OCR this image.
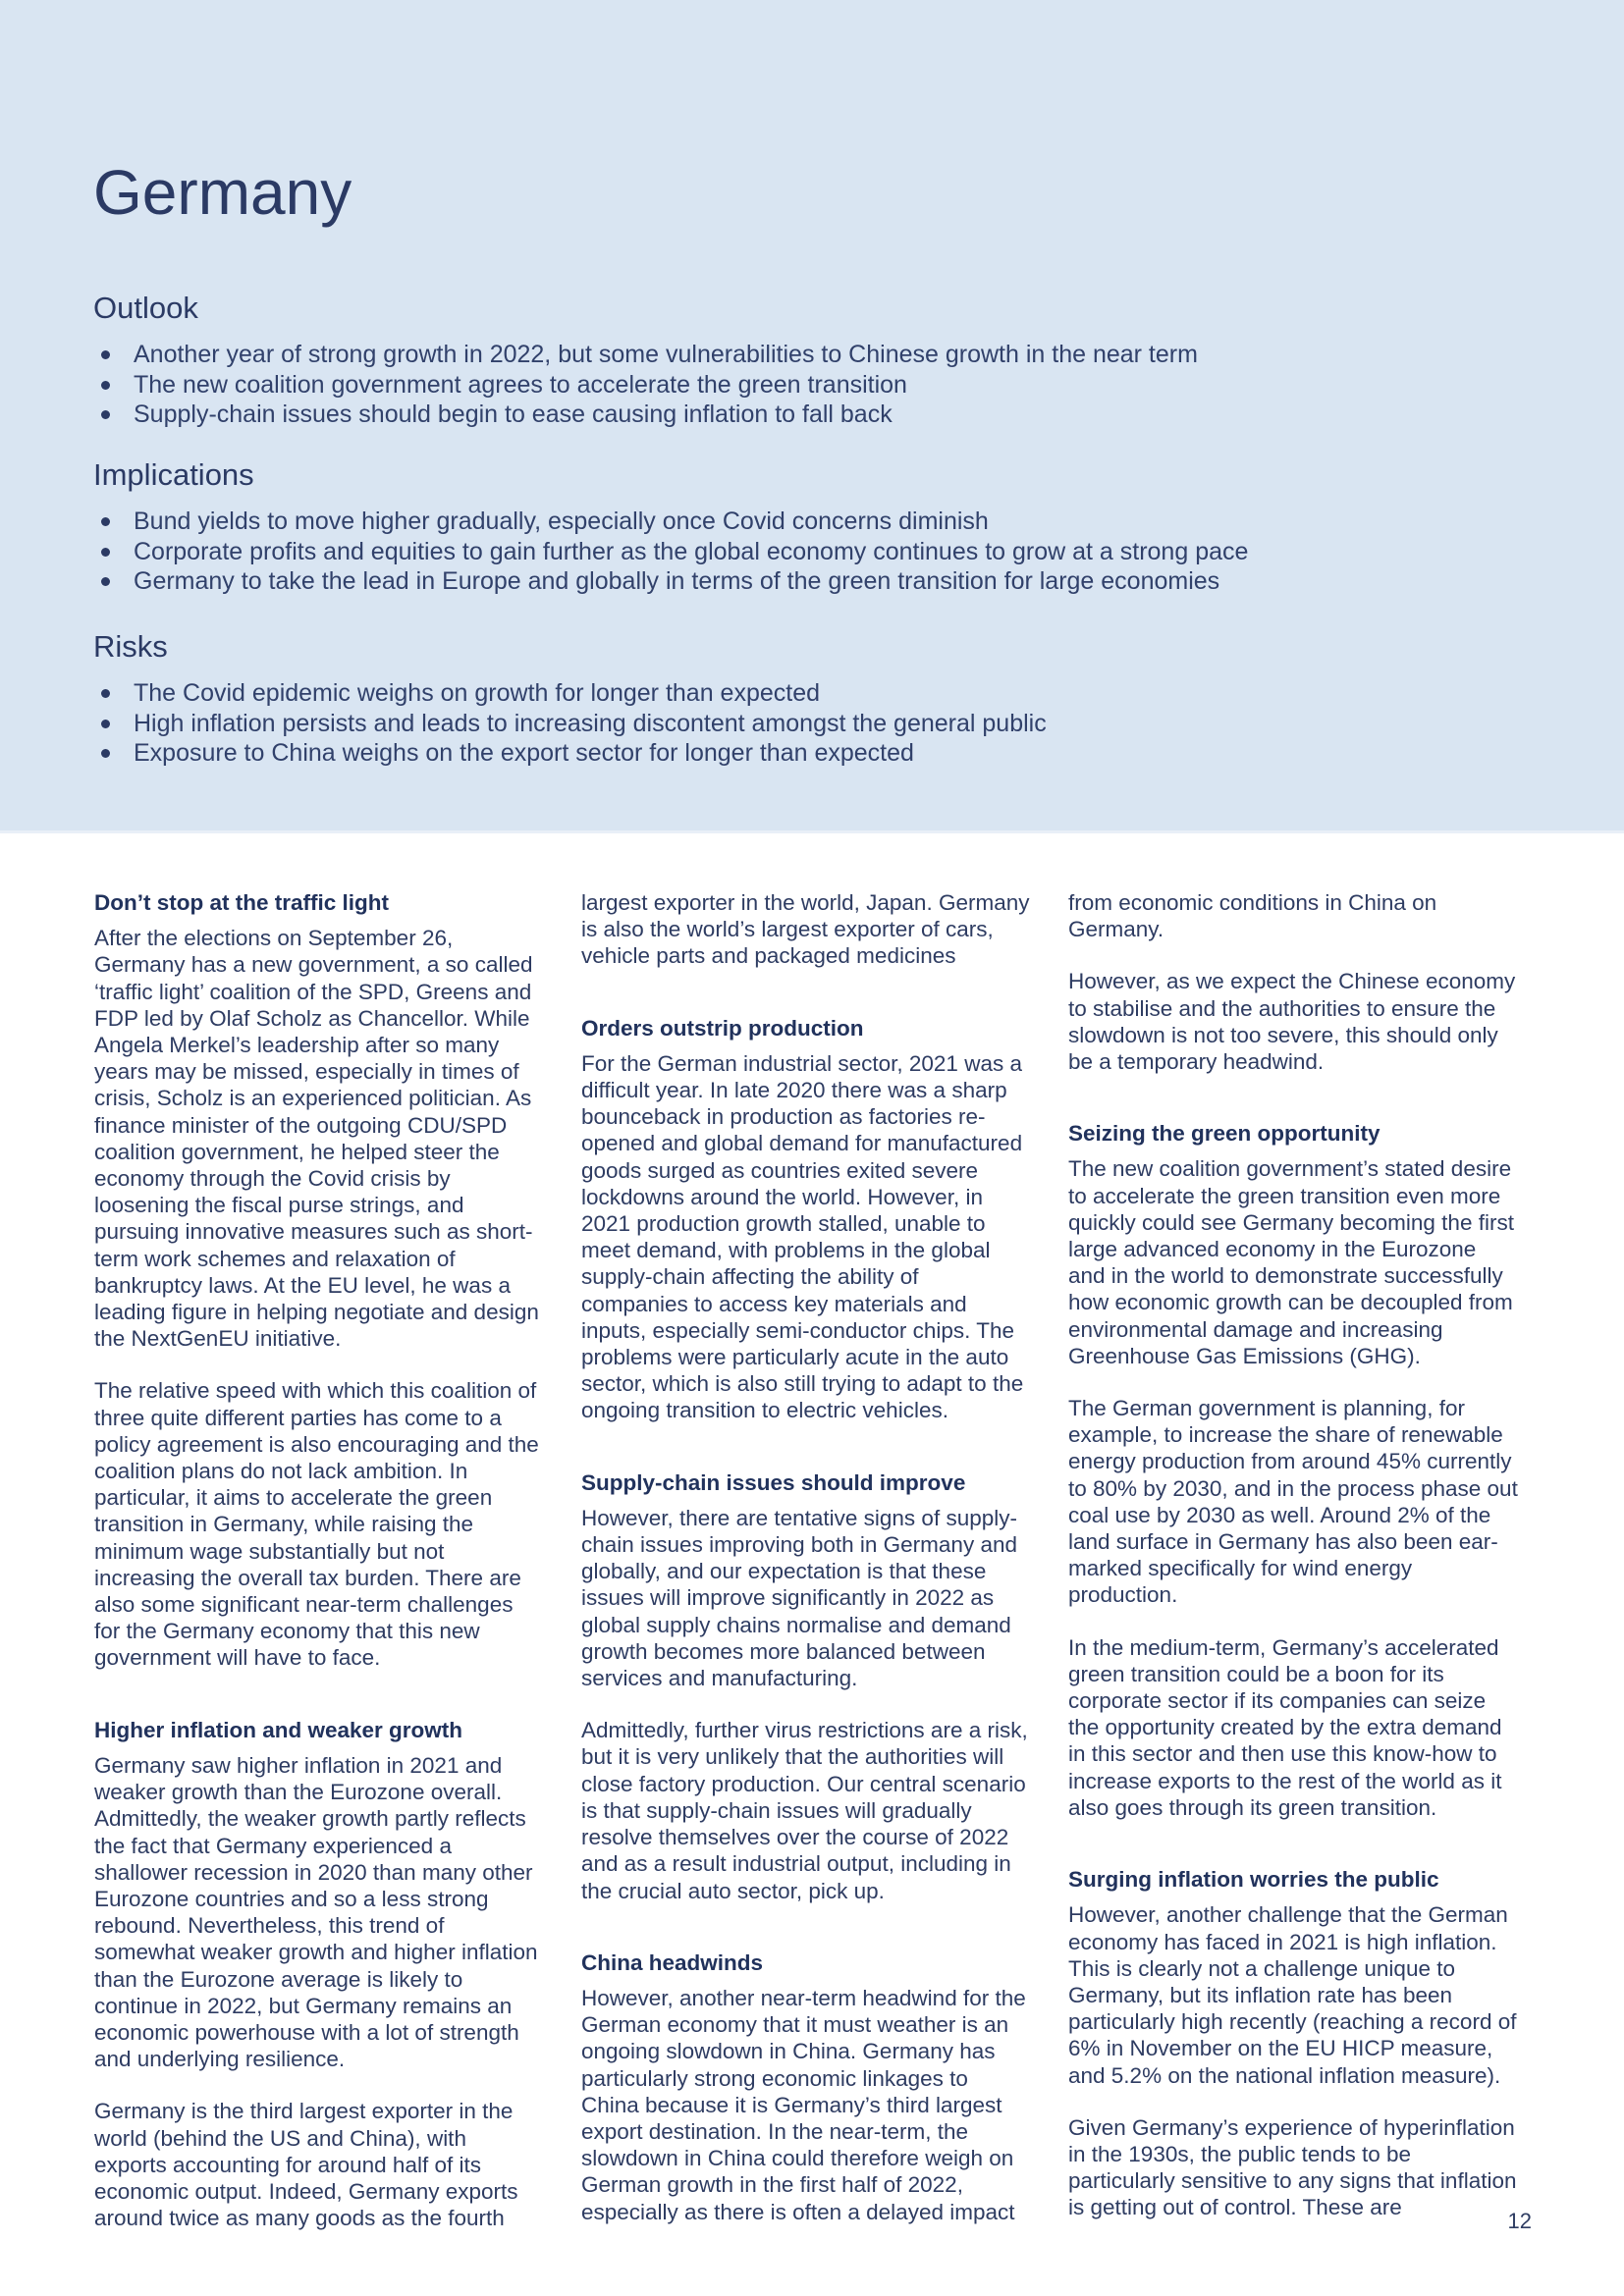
Germany
Outlook
Another year of strong growth in 2022, but some vulnerabilities to Chinese growth in the near term
The new coalition government agrees to accelerate the green transition
Supply-chain issues should begin to ease causing inflation to fall back
Implications
Bund yields to move higher gradually, especially once Covid concerns diminish
Corporate profits and equities to gain further as the global economy continues to grow at a strong pace
Germany to take the lead in Europe and globally in terms of the green transition for large economies
Risks
The Covid epidemic weighs on growth for longer than expected
High inflation persists and leads to increasing discontent amongst the general public
Exposure to China weighs on the export sector for longer than expected
Don’t stop at the traffic light

After the elections on September 26, Germany has a new government, a so called ‘traffic light’ coalition of the SPD, Greens and FDP led by Olaf Scholz as Chancellor. While Angela Merkel’s leadership after so many years may be missed, especially in times of crisis, Scholz is an experienced politician. As finance minister of the outgoing CDU/SPD coalition government, he helped steer the economy through the Covid crisis by loosening the fiscal purse strings, and pursuing innovative measures such as short-term work schemes and relaxation of bankruptcy laws. At the EU level, he was a leading figure in helping negotiate and design the NextGenEU initiative.

The relative speed with which this coalition of three quite different parties has come to a policy agreement is also encouraging and the coalition plans do not lack ambition. In particular, it aims to accelerate the green transition in Germany, while raising the minimum wage substantially but not increasing the overall tax burden. There are also some significant near-term challenges for the Germany economy that this new government will have to face.

Higher inflation and weaker growth

Germany saw higher inflation in 2021 and weaker growth than the Eurozone overall. Admittedly, the weaker growth partly reflects the fact that Germany experienced a shallower recession in 2020 than many other Eurozone countries and so a less strong rebound. Nevertheless, this trend of somewhat weaker growth and higher inflation than the Eurozone average is likely to continue in 2022, but Germany remains an economic powerhouse with a lot of strength and underlying resilience.

Germany is the third largest exporter in the world (behind the US and China), with exports accounting for around half of its economic output. Indeed, Germany exports around twice as many goods as the fourth

largest exporter in the world, Japan. Germany is also the world’s largest exporter of cars, vehicle parts and packaged medicines

Orders outstrip production

For the German industrial sector, 2021 was a difficult year. In late 2020 there was a sharp bounceback in production as factories re-opened and global demand for manufactured goods surged as countries exited severe lockdowns around the world. However, in 2021 production growth stalled, unable to meet demand, with problems in the global supply-chain affecting the ability of companies to access key materials and inputs, especially semi-conductor chips. The problems were particularly acute in the auto sector, which is also still trying to adapt to the ongoing transition to electric vehicles.

Supply-chain issues should improve

However, there are tentative signs of supply-chain issues improving both in Germany and globally, and our expectation is that these issues will improve significantly in 2022 as global supply chains normalise and demand growth becomes more balanced between services and manufacturing.

Admittedly, further virus restrictions are a risk, but it is very unlikely that the authorities will close factory production. Our central scenario is that supply-chain issues will gradually resolve themselves over the course of 2022 and as a result industrial output, including in the crucial auto sector, pick up.

China headwinds

However, another near-term headwind for the German economy that it must weather is an ongoing slowdown in China. Germany has particularly strong economic linkages to China because it is Germany’s third largest export destination. In the near-term, the slowdown in China could therefore weigh on German growth in the first half of 2022, especially as there is often a delayed impact

from economic conditions in China on Germany.

However, as we expect the Chinese economy to stabilise and the authorities to ensure the slowdown is not too severe, this should only be a temporary headwind.

Seizing the green opportunity

The new coalition government’s stated desire to accelerate the green transition even more quickly could see Germany becoming the first large advanced economy in the Eurozone and in the world to demonstrate successfully how economic growth can be decoupled from environmental damage and increasing Greenhouse Gas Emissions (GHG).

The German government is planning, for example, to increase the share of renewable energy production from around 45% currently to 80% by 2030, and in the process phase out coal use by 2030 as well. Around 2% of the land surface in Germany has also been ear-marked specifically for wind energy production.

In the medium-term, Germany’s accelerated green transition could be a boon for its corporate sector if its companies can seize the opportunity created by the extra demand in this sector and then use this know-how to increase exports to the rest of the world as it also goes through its green transition.

Surging inflation worries the public

However, another challenge that the German economy has faced in 2021 is high inflation. This is clearly not a challenge unique to Germany, but its inflation rate has been particularly high recently (reaching a record of 6% in November on the EU HICP measure, and 5.2% on the national inflation measure).

Given Germany’s experience of hyperinflation in the 1930s, the public tends to be particularly sensitive to any signs that inflation is getting out of control. These are

12
